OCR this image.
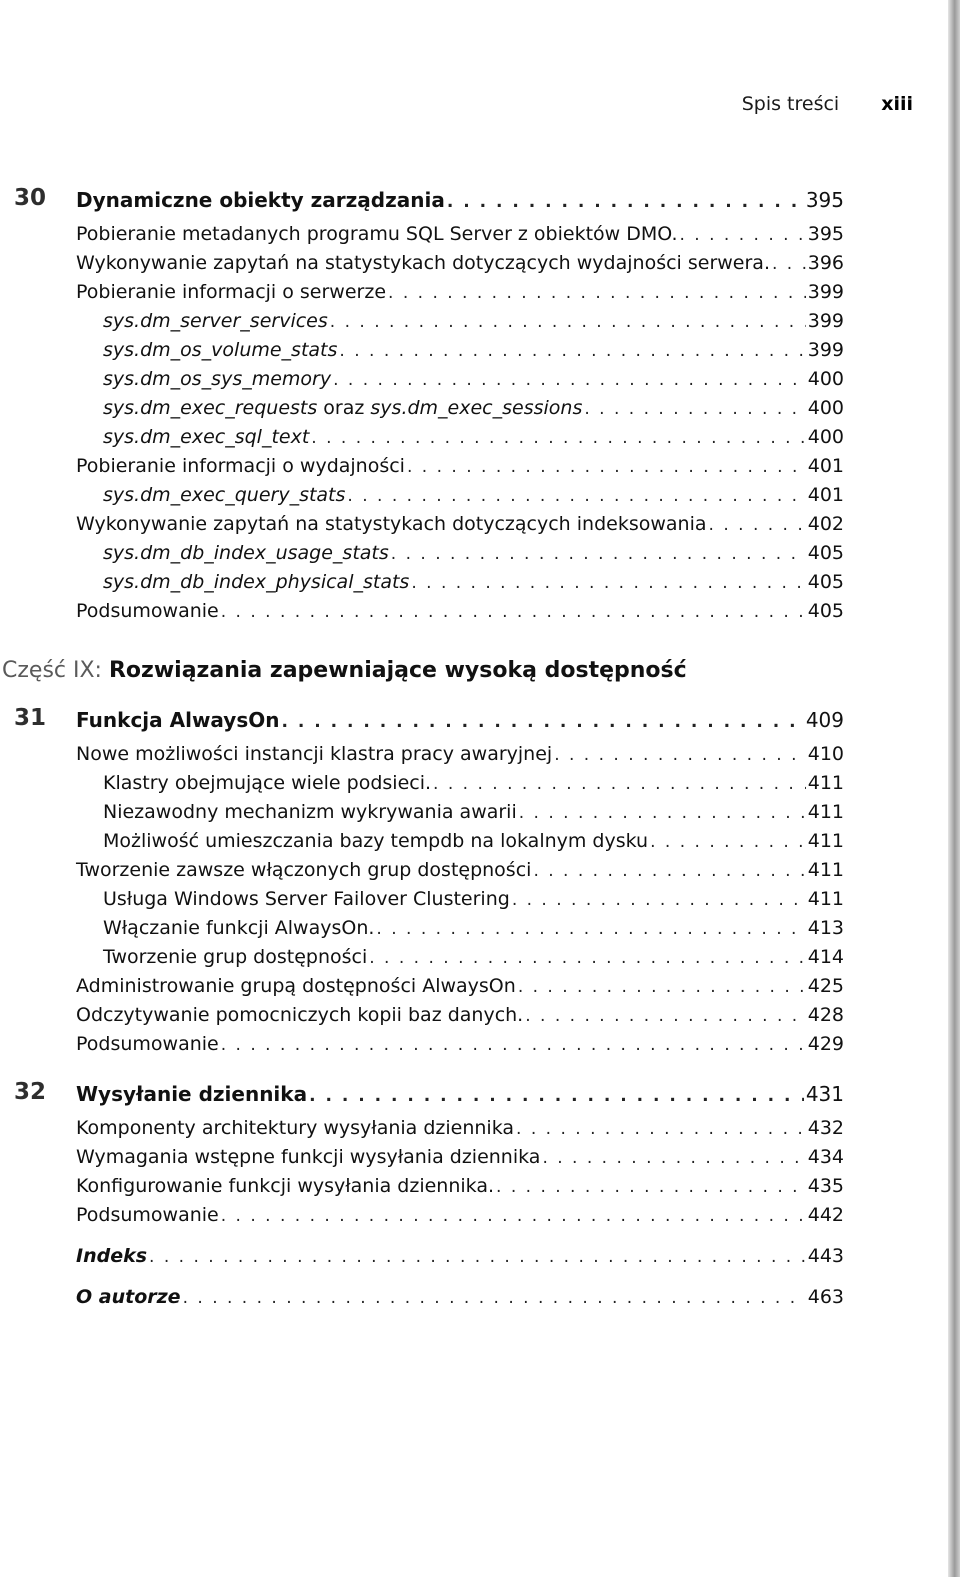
Spis treści xiii
30 Dynamiczne obiekty zarządzania . . .	395
Pobieranie metadanych programu SQL Server z obiektów DMO. . . .	395
Wykonywanie zapytań na statystykach dotyczących wydajności serwera. . . . 396
Pobieranie informacji o serwerze . . .	399
sys.dm_server_services . . .	399
sys.dm_os_volume_stats . . .	399
sys.dm_os_sys_memory . . .	400
sys.dm_exec_requests oraz sys.dm_exec_sessions . . .	400
sys.dm_exec_sql_text . . .	400
Pobieranie informacji o wydajności . . .	401
sys.dm_exec_query_stats . . .	401
Wykonywanie zapytań na statystykach dotyczących indeksowania . . .	402
sys.dm_db_index_usage_stats . . .	405
sys.dm_db_index_physical_stats . . .	405
Podsumowanie . . .	405
Część IX: Rozwiązania zapewniające wysoką dostępność
31 Funkcja AlwaysOn . . .	409
Nowe możliwości instancji klastra pracy awaryjnej . . .	410
Klastry obejmujące wiele podsieci. . . .	411
Niezawodny mechanizm wykrywania awarii . . .	411
Możliwość umieszczania bazy tempdb na lokalnym dysku . . .	411
Tworzenie zawsze włączonych grup dostępności . . .	411
Usługa Windows Server Failover Clustering . . .	411
Włączanie funkcji AlwaysOn. . . .	413
Tworzenie grup dostępności . . .	414
Administrowanie grupą dostępności AlwaysOn . . .	425
Odczytywanie pomocniczych kopii baz danych. . . .	428
Podsumowanie . . .	429
32 Wysyłanie dziennika . . .	431
Komponenty architektury wysyłania dziennika . . .	432
Wymagania wstępne funkcji wysyłania dziennika . . .	434
Konfigurowanie funkcji wysyłania dziennika. . . .	435
Podsumowanie . . .	442
Indeks . . .	443
O autorze . . .	463
